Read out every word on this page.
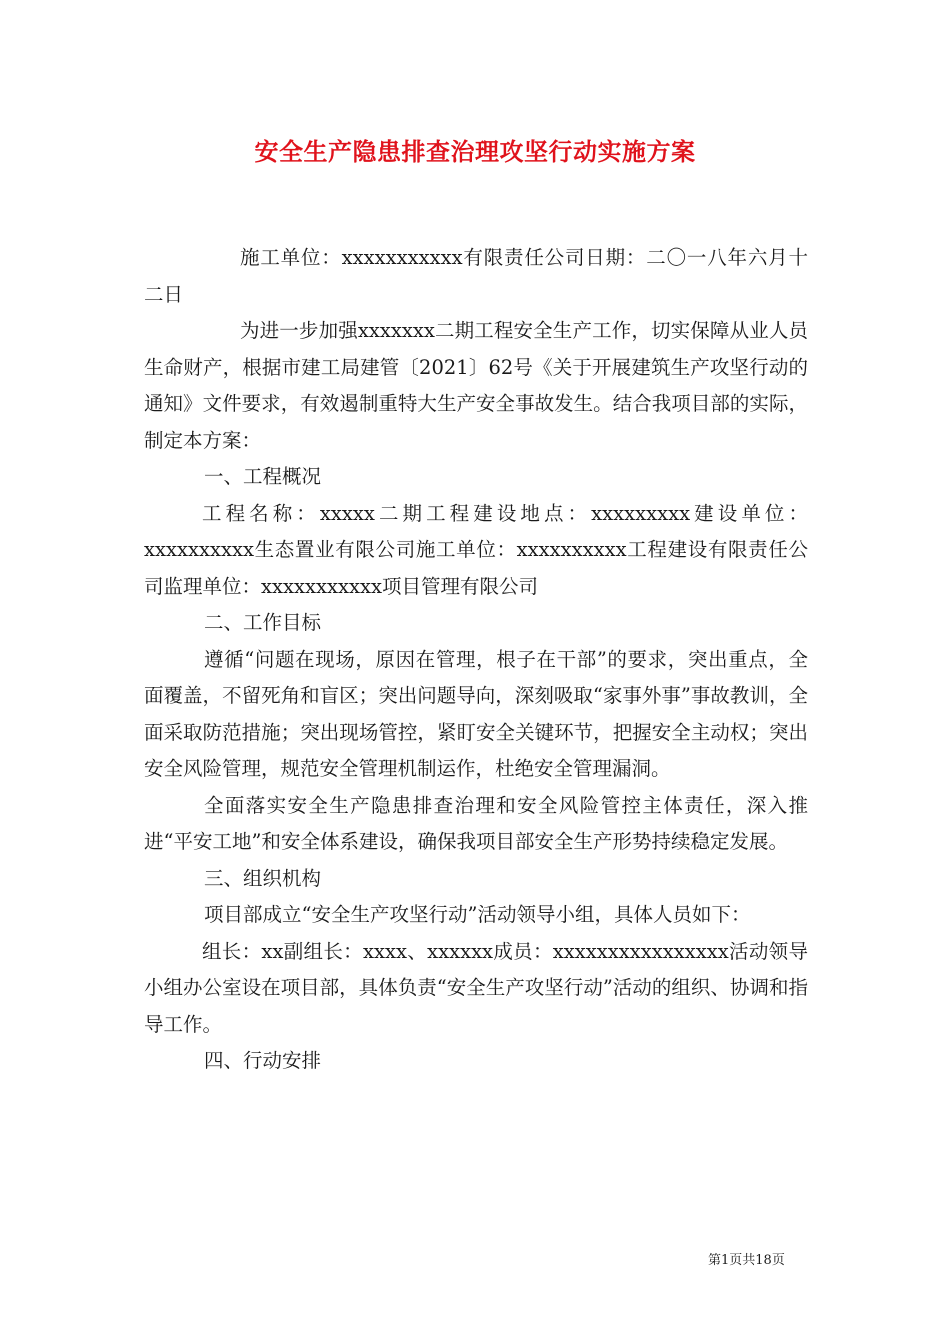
安全生产隐患排查治理攻坚行动实施方案

施工单位：xxxxxxxxxxx有限责任公司日期：二〇一八年六月十二日

为进一步加强xxxxxxx二期工程安全生产工作，切实保障从业人员生命财产，根据市建工局建管〔2021〕62号《关于开展建筑生产攻坚行动的通知》文件要求，有效遏制重特大生产安全事故发生。结合我项目部的实际，制定本方案：

一、工程概况

工程名称：xxxxx二期工程建设地点：xxxxxxxxx建设单位：xxxxxxxxxx生态置业有限公司施工单位：xxxxxxxxxx工程建设有限责任公司监理单位：xxxxxxxxxxx项目管理有限公司

二、工作目标

遵循“问题在现场，原因在管理，根子在干部”的要求，突出重点，全面覆盖，不留死角和盲区；突出问题导向，深刻吸取“家事外事”事故教训，全面采取防范措施；突出现场管控，紧盯安全关键环节，把握安全主动权；突出安全风险管理，规范安全管理机制运作，杜绝安全管理漏洞。

全面落实安全生产隐患排查治理和安全风险管控主体责任，深入推进“平安工地”和安全体系建设，确保我项目部安全生产形势持续稳定发展。

三、组织机构

项目部成立“安全生产攻坚行动”活动领导小组，具体人员如下：

组长：xx副组长：xxxx、xxxxxx成员：xxxxxxxxxxxxxxxx活动领导小组办公室设在项目部，具体负责“安全生产攻坚行动”活动的组织、协调和指导工作。

四、行动安排

第1页共18页
